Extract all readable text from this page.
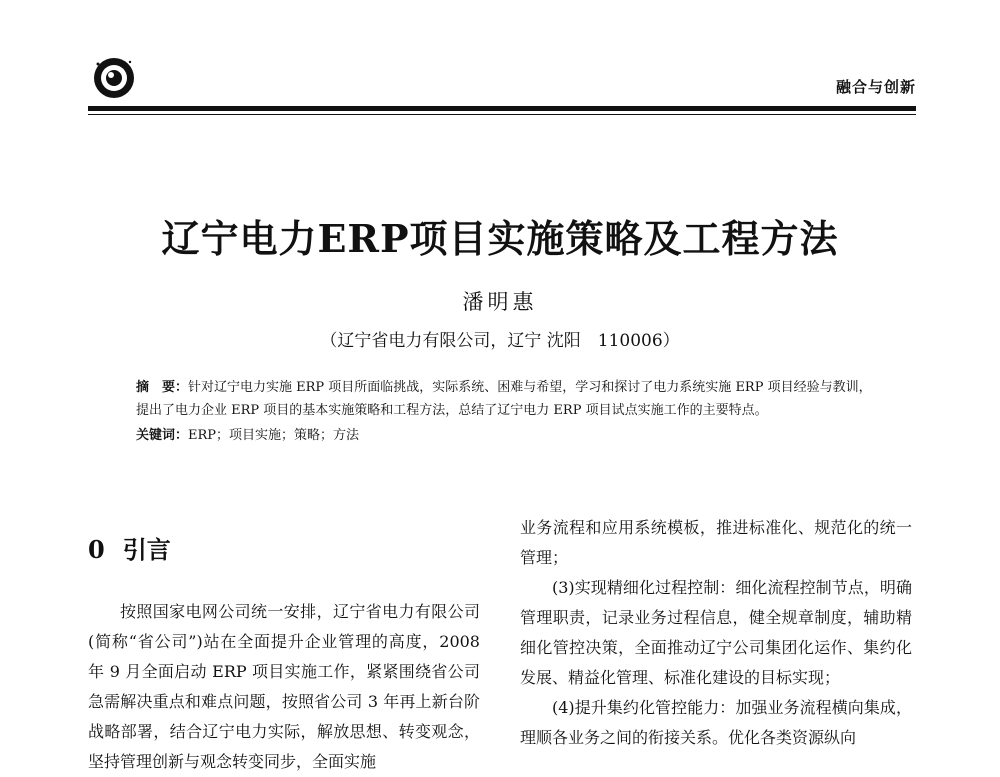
融合与创新
辽宁电力ERP项目实施策略及工程方法
潘明惠
（辽宁省电力有限公司，辽宁 沈阳　110006）
摘　要：针对辽宁电力实施 ERP 项目所面临挑战，实际系统、困难与希望，学习和探讨了电力系统实施 ERP 项目经验与教训，提出了电力企业 ERP 项目的基本实施策略和工程方法，总结了辽宁电力 ERP 项目试点实施工作的主要特点。
关键词：ERP；项目实施；策略；方法
0 引言

按照国家电网公司统一安排，辽宁省电力有限公司(简称“省公司”)站在全面提升企业管理的高度，2008 年 9 月全面启动 ERP 项目实施工作，紧紧围绕省公司急需解决重点和难点问题，按照省公司 3 年再上新台阶战略部署，结合辽宁电力实际，解放思想、转变观念，坚持管理创新与观念转变同步，全面实施

业务流程和应用系统模板，推进标准化、规范化的统一管理；

(3)实现精细化过程控制：细化流程控制节点，明确管理职责，记录业务过程信息，健全规章制度，辅助精细化管控决策，全面推动辽宁公司集团化运作、集约化发展、精益化管理、标准化建设的目标实现；

(4)提升集约化管控能力：加强业务流程横向集成，理顺各业务之间的衔接关系。优化各类资源纵向
